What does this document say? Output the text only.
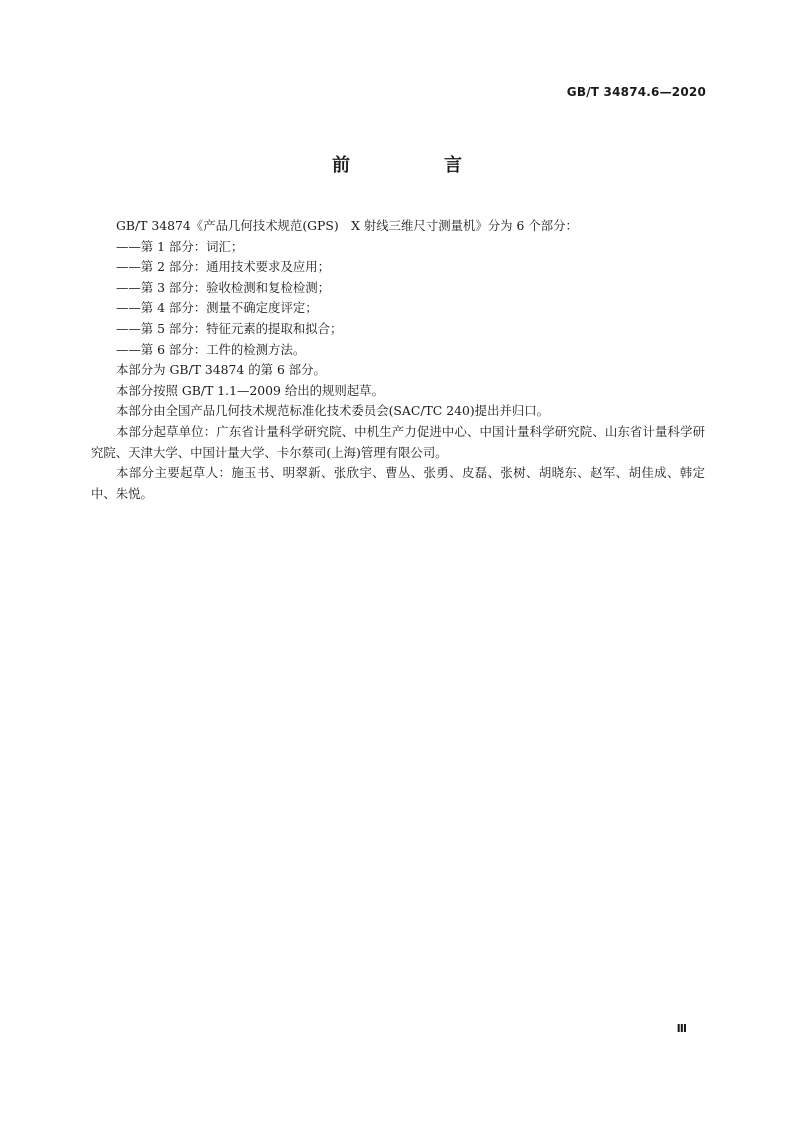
GB/T 34874.6—2020
前　言

GB/T 34874《产品几何技术规范(GPS)　X 射线三维尺寸测量机》分为 6 个部分：

——第 1 部分：词汇；

——第 2 部分：通用技术要求及应用；

——第 3 部分：验收检测和复检检测；

——第 4 部分：测量不确定度评定；

——第 5 部分：特征元素的提取和拟合；

——第 6 部分：工件的检测方法。

本部分为 GB/T 34874 的第 6 部分。

本部分按照 GB/T 1.1—2009 给出的规则起草。

本部分由全国产品几何技术规范标准化技术委员会(SAC/TC 240)提出并归口。

本部分起草单位：广东省计量科学研究院、中机生产力促进中心、中国计量科学研究院、山东省计量科学研究院、天津大学、中国计量大学、卡尔蔡司(上海)管理有限公司。

本部分主要起草人：施玉书、明翠新、张欣宇、曹丛、张勇、皮磊、张树、胡晓东、赵军、胡佳成、韩定中、朱悦。

Ⅲ
